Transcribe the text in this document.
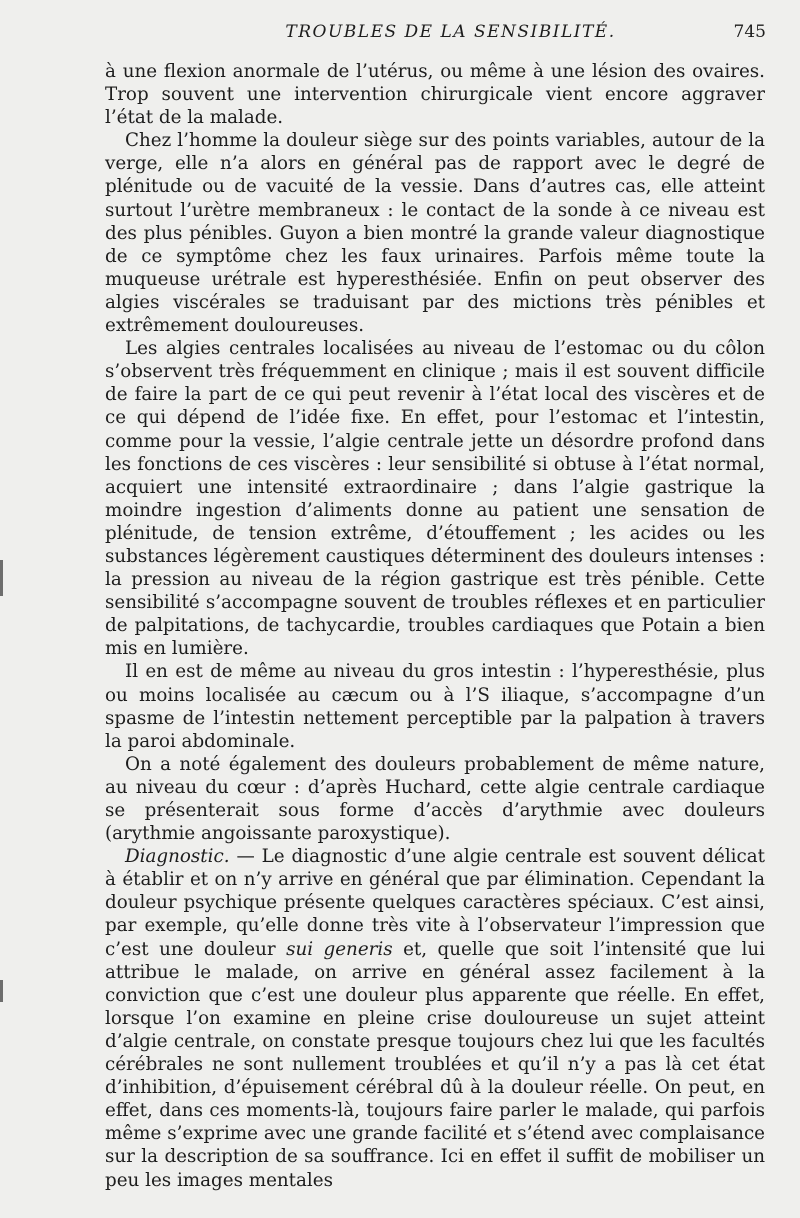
TROUBLES DE LA SENSIBILITÉ.	745

à une flexion anormale de l’utérus, ou même à une lésion des ovaires. Trop souvent une intervention chirurgicale vient encore aggraver l’état de la malade.

Chez l’homme la douleur siège sur des points variables, autour de la verge, elle n’a alors en général pas de rapport avec le degré de plénitude ou de vacuité de la vessie. Dans d’autres cas, elle atteint surtout l’urètre membraneux : le contact de la sonde à ce niveau est des plus pénibles. Guyon a bien montré la grande valeur diagnostique de ce symptôme chez les faux urinaires. Parfois même toute la muqueuse urétrale est hyperesthésiée. Enfin on peut observer des algies viscérales se traduisant par des mictions très pénibles et extrêmement douloureuses.

Les algies centrales localisées au niveau de l’estomac ou du côlon s’observent très fréquemment en clinique ; mais il est souvent difficile de faire la part de ce qui peut revenir à l’état local des viscères et de ce qui dépend de l’idée fixe. En effet, pour l’estomac et l’intestin, comme pour la vessie, l’algie centrale jette un désordre profond dans les fonctions de ces viscères : leur sensibilité si obtuse à l’état normal, acquiert une intensité extraordinaire ; dans l’algie gastrique la moindre ingestion d’aliments donne au patient une sensation de plénitude, de tension extrême, d’étouffement ; les acides ou les substances légèrement caustiques déterminent des douleurs intenses : la pression au niveau de la région gastrique est très pénible. Cette sensibilité s’accompagne souvent de troubles réflexes et en particulier de palpitations, de tachycardie, troubles cardiaques que Potain a bien mis en lumière.

Il en est de même au niveau du gros intestin : l’hyperesthésie, plus ou moins localisée au cæcum ou à l’S iliaque, s’accompagne d’un spasme de l’intestin nettement perceptible par la palpation à travers la paroi abdominale.

On a noté également des douleurs probablement de même nature, au niveau du cœur : d’après Huchard, cette algie centrale cardiaque se présenterait sous forme d’accès d’arythmie avec douleurs (arythmie angoissante paroxystique).

Diagnostic. — Le diagnostic d’une algie centrale est souvent délicat à établir et on n’y arrive en général que par élimination. Cependant la douleur psychique présente quelques caractères spéciaux. C’est ainsi, par exemple, qu’elle donne très vite à l’observateur l’impression que c’est une douleur sui generis et, quelle que soit l’intensité que lui attribue le malade, on arrive en général assez facilement à la conviction que c’est une douleur plus apparente que réelle. En effet, lorsque l’on examine en pleine crise douloureuse un sujet atteint d’algie centrale, on constate presque toujours chez lui que les facultés cérébrales ne sont nullement troublées et qu’il n’y a pas là cet état d’inhibition, d’épuisement cérébral dû à la douleur réelle. On peut, en effet, dans ces moments-là, toujours faire parler le malade, qui parfois même s’exprime avec une grande facilité et s’étend avec complaisance sur la description de sa souffrance. Ici en effet il suffit de mobiliser un peu les images mentales
